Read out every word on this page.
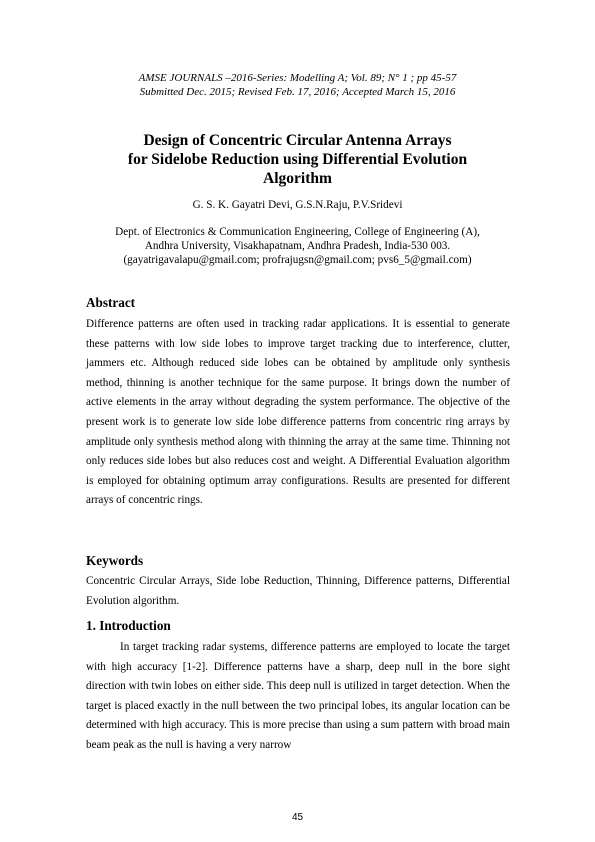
AMSE JOURNALS –2016-Series: Modelling A; Vol. 89; N° 1 ; pp 45-57
Submitted Dec. 2015; Revised Feb. 17, 2016; Accepted March 15, 2016
Design of Concentric Circular Antenna Arrays
for Sidelobe Reduction using Differential Evolution
Algorithm
G. S. K. Gayatri Devi, G.S.N.Raju, P.V.Sridevi
Dept. of Electronics & Communication Engineering, College of Engineering (A),
Andhra University, Visakhapatnam, Andhra Pradesh, India-530 003.
(gayatrigavalapu@gmail.com; profrajugsn@gmail.com; pvs6_5@gmail.com)
Abstract
Difference patterns are often used in tracking radar applications. It is essential to generate these patterns with low side lobes to improve target tracking due to interference, clutter, jammers etc. Although reduced side lobes can be obtained by amplitude only synthesis method, thinning is another technique for the same purpose. It brings down the number of active elements in the array without degrading the system performance. The objective of the present work is to generate low side lobe difference patterns from concentric ring arrays by amplitude only synthesis method along with thinning the array at the same time. Thinning not only reduces side lobes but also reduces cost and weight. A Differential Evaluation algorithm is employed for obtaining optimum array configurations. Results are presented for different arrays of concentric rings.
Keywords
Concentric Circular Arrays, Side lobe Reduction, Thinning, Difference patterns, Differential Evolution algorithm.
1. Introduction
In target tracking radar systems, difference patterns are employed to locate the target with high accuracy [1-2]. Difference patterns have a sharp, deep null in the bore sight direction with twin lobes on either side. This deep null is utilized in target detection. When the target is placed exactly in the null between the two principal lobes, its angular location can be determined with high accuracy. This is more precise than using a sum pattern with broad main beam peak as the null is having a very narrow
45
